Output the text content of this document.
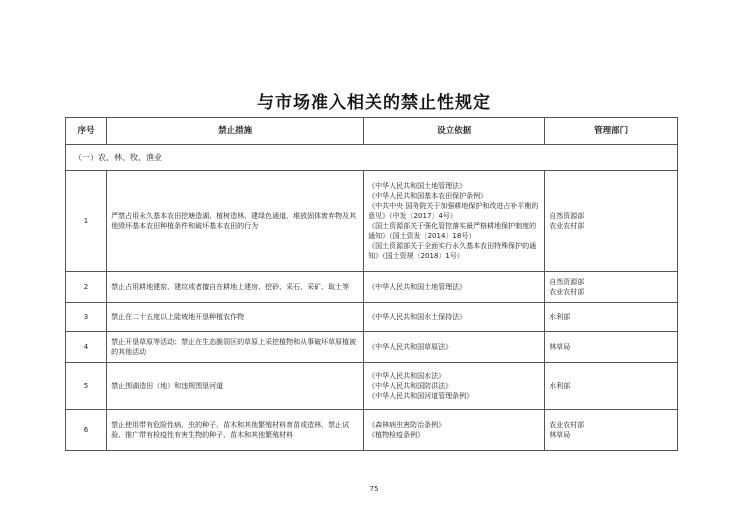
与市场准入相关的禁止性规定
序号	禁止措施	设立依据	管理部门
（一）农、林、牧、渔业			
1	严禁占用永久基本农田挖塘造湖、植树造林、建绿色通道、堆放固体废弃物及其他毁坏基本农田种植条件和破坏基本农田的行为	《中华人民共和国土地管理法》
《中华人民共和国基本农田保护条例》
《中共中央 国务院关于加强耕地保护和改进占补平衡的意见》（中发〔2017〕4号）
《国土资源部关于强化管控落实最严格耕地保护制度的通知》（国土资发〔2014〕18号）
《国土资源部关于全面实行永久基本农田特殊保护的通知》（国土资规〔2018〕1号）	自然资源部
农业农村部

2	禁止占用耕地建窑、建坟或者擅自在耕地上建房、挖砂、采石、采矿、取土等	《中华人民共和国土地管理法》	自然资源部
农业农村部

3	禁止在二十五度以上陡坡地开垦种植农作物	《中华人民共和国水土保持法》	水利部

4	禁止开垦草原等活动；禁止在生态脆弱区的草原上采挖植物和从事破坏草原植被的其他活动	《中华人民共和国草原法》	林草局

5	禁止围湖造田（地）和违规围垦河道	《中华人民共和国水法》
《中华人民共和国防洪法》
《中华人民共和国河道管理条例》	水利部

6	禁止使用带有危险性病、虫的种子、苗木和其他繁殖材料育苗或造林，禁止试验、推广带有检疫性有害生物的种子、苗木和其他繁殖材料	《森林病虫害防治条例》
《植物检疫条例》	农业农村部
林草局
75
